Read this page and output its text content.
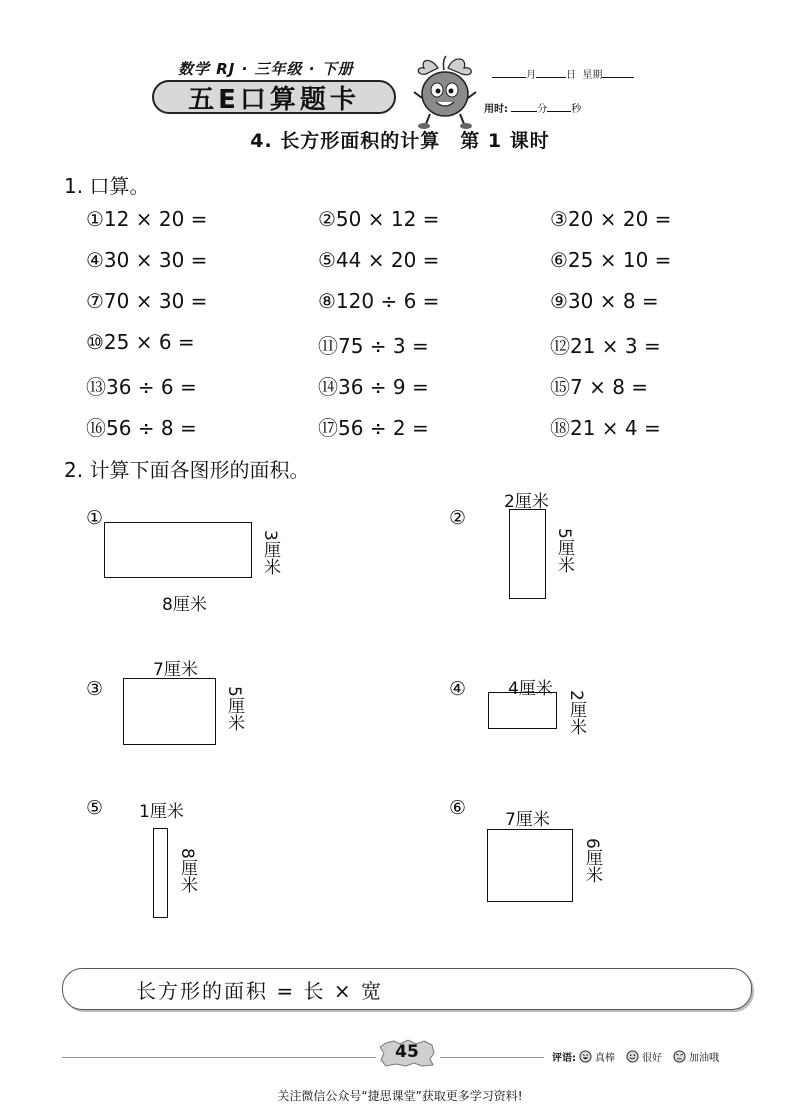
数学 RJ · 三年级 · 下册
五E口算题卡
月	日 星期
用时:	分 秒
4. 长方形面积的计算 第 1 课时
1. 口算。
①12 × 20 =	②50 × 12 =	③20 × 20 =
④30 × 30 =	⑤44 × 20 =	⑥25 × 10 =
⑦70 × 30 =	⑧120 ÷ 6 =	⑨30 × 8 =
⑩25 × 6 =	⑪75 ÷ 3 =	⑫21 × 3 =
⑬36 ÷ 6 =	⑭36 ÷ 9 =	⑮7 × 8 =
⑯56 ÷ 8 =	⑰56 ÷ 2 =	⑱21 × 4 =
2. 计算下面各图形的面积。
①
8厘米
3厘米
②
2厘米
5厘米
③
7厘米
5厘米	④ 4厘米
2厘米
⑤ 1厘米
8厘米
⑥
7厘米
6厘米
长方形的面积 = 长 × 宽
45	评语: 真棒	很好	加油哦
关注微信公众号“捷思课堂”获取更多学习资料!
